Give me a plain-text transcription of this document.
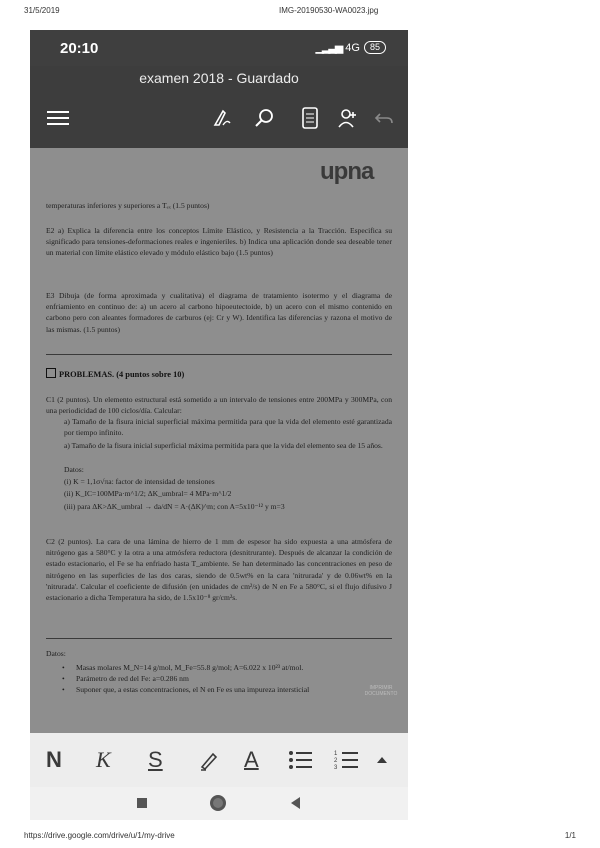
31/5/2019	IMG-20190530-WA0023.jpg
20:10	▁▂▃▅ 4G	85
examen 2018 - Guardado
upna
temperaturas inferiores y superiores a Tₑₓ (1.5 puntos)

E2 a) Explica la diferencia entre los conceptos Límite Elástico, y Resistencia a la Tracción. Especifica su significado para tensiones-deformaciones reales e ingenieriles. b) Indica una aplicación donde sea deseable tener un material con límite elástico elevado y módulo elástico bajo (1.5 puntos)

E3 Dibuja (de forma aproximada y cualitativa) el diagrama de tratamiento isotermo y el diagrama de enfriamiento en continuo de: a) un acero al carbono hipoeutectoide, b) un acero con el mismo contenido en carbono pero con aleantes formadores de carburos (ej: Cr y W). Identifica las diferencias y razona el motivo de las mismas. (1.5 puntos)

PROBLEMAS. (4 puntos sobre 10)

C1 (2 puntos). Un elemento estructural está sometido a un intervalo de tensiones entre 200MPa y 300MPa, con una periodicidad de 100 ciclos/día. Calcular:

a) Tamaño de la fisura inicial superficial máxima permitida para que la vida del elemento esté garantizada por tiempo infinito.

a) Tamaño de la fisura inicial superficial máxima permitida para que la vida del elemento sea de 15 años.

Datos:

(i) K = 1,1σ√πa: factor de intensidad de tensiones

(ii) K_IC=100MPa·m^1/2; ΔK_umbral= 4 MPa·m^1/2

(iii) para ΔK>ΔK_umbral → da/dN = A·(ΔK)^m; con A=5x10⁻¹² y m=3

C2 (2 puntos). La cara de una lámina de hierro de 1 mm de espesor ha sido expuesta a una atmósfera de nitrógeno gas a 580°C y la otra a una atmósfera reductora (desnitrurante). Después de alcanzar la condición de estado estacionario, el Fe se ha enfriado hasta T_ambiente. Se han determinado las concentraciones en peso de nitrógeno en las superficies de las dos caras, siendo de 0.5wt% en la cara 'nitrurada' y de 0.06wt% en la 'nitrurada'. Calcular el coeficiente de difusión (en unidades de cm²/s) de N en Fe a 580°C, si el flujo difusivo J estacionario a dicha Temperatura ha sido, de 1.5x10⁻⁸ gr/cm²s.

Datos:

• Masas molares M_N=14 g/mol, M_Fe=55.8 g/mol; A=6.022 x 10²³ at/mol.
• Parámetro de red del Fe: a=0.286 nm
• Suponer que, a estas concentraciones, el N en Fe es una impureza intersticial	IMPRIMIR DOCUMENTO
N K S	A	1
2
3
https://drive.google.com/drive/u/1/my-drive	1/1
